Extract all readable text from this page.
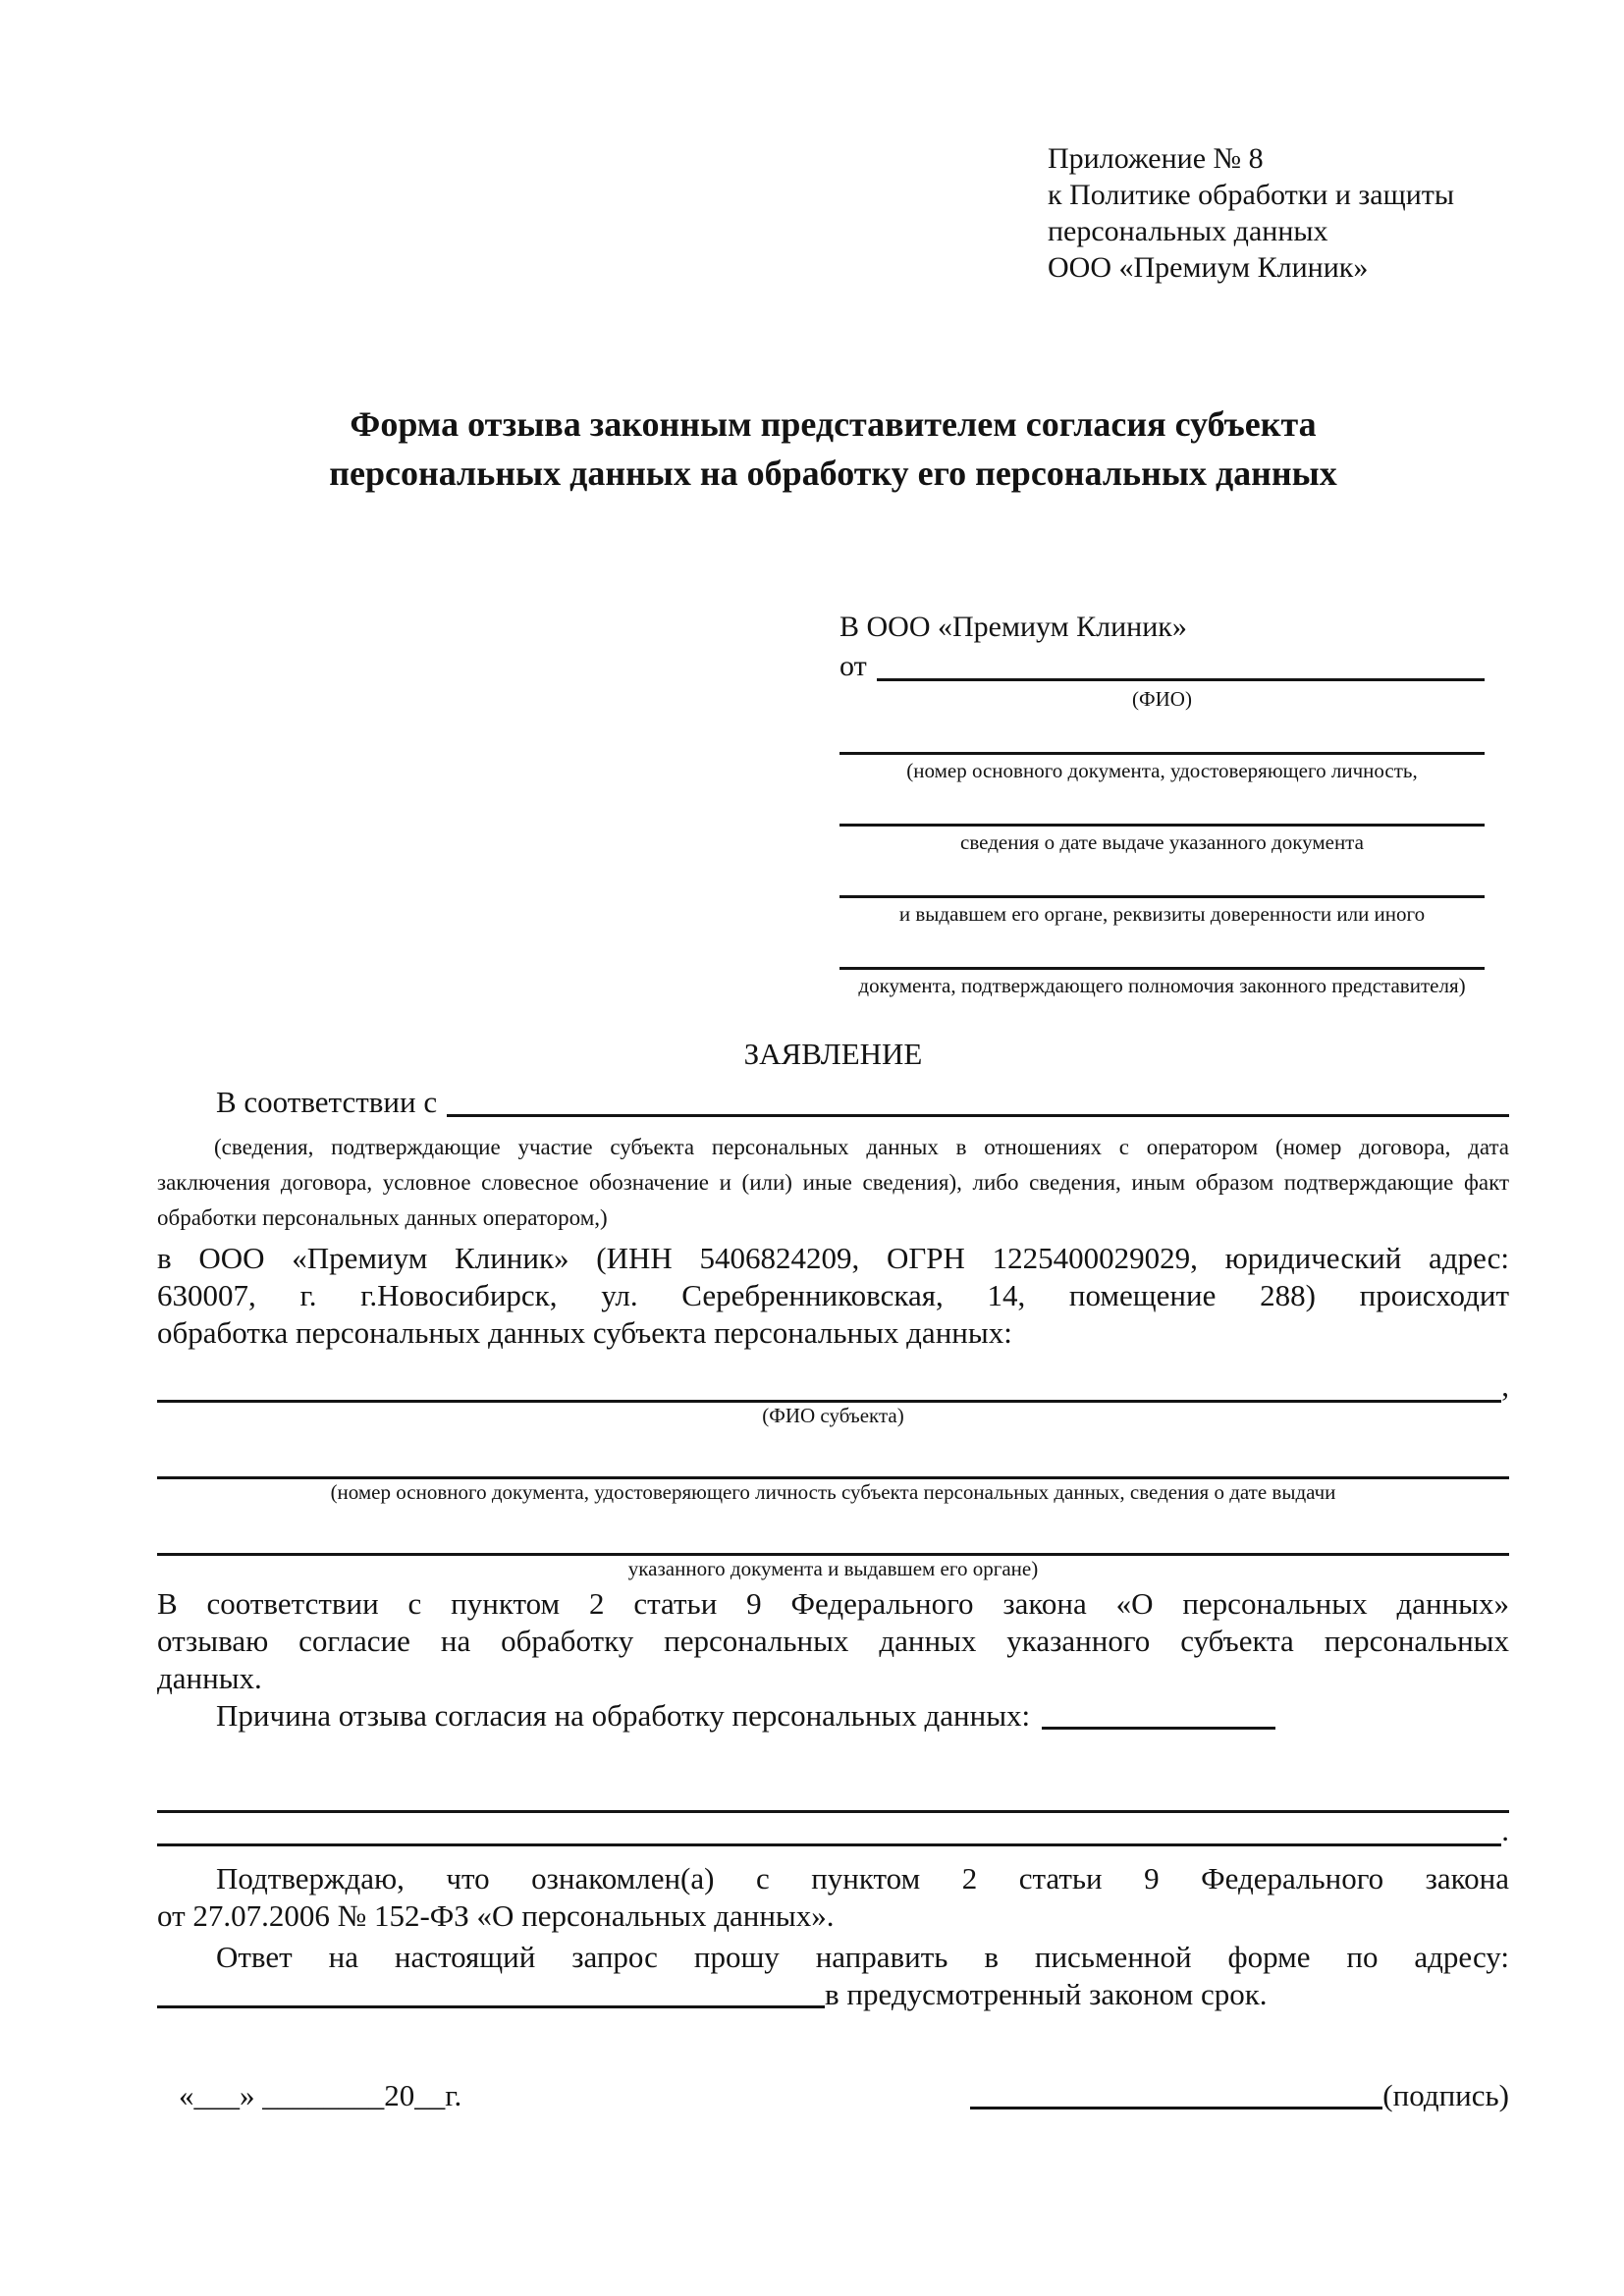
Приложение № 8
к Политике обработки и защиты
персональных данных
ООО «Премиум Клиник»
Форма отзыва законным представителем согласия субъекта персональных данных на обработку его персональных данных
В ООО «Премиум Клиник»
от
(ФИО)
(номер основного документа, удостоверяющего личность,
сведения о дате выдаче указанного документа
и выдавшем его органе, реквизиты доверенности или иного
документа, подтверждающего полномочия законного представителя)
ЗАЯВЛЕНИЕ
В соответствии с
(сведения, подтверждающие участие субъекта персональных данных в отношениях с оператором (номер договора, дата
заключения договора, условное словесное обозначение и (или) иные сведения), либо сведения, иным образом подтверждающие факт
обработки персональных данных оператором,)
в ООО «Премиум Клиник» (ИНН 5406824209, ОГРН 1225400029029, юридический адрес:
630007, г. г.Новосибирск, ул. Серебренниковская, 14, помещение 288) происходит
обработка персональных данных субъекта персональных данных:
,
(ФИО субъекта)
(номер основного документа, удостоверяющего личность субъекта персональных данных, сведения о дате выдачи
указанного документа и выдавшем его органе)
В соответствии с пунктом 2 статьи 9 Федерального закона «О персональных данных»
отзываю согласие на обработку персональных данных указанного субъекта персональных
данных.
Причина отзыва согласия на обработку персональных данных:
.
Подтверждаю, что ознакомлен(а) с пунктом 2 статьи 9 Федерального закона
от 27.07.2006 № 152-ФЗ «О персональных данных».
Ответ на настоящий запрос прошу направить в письменной форме по адресу:
в предусмотренный законом срок.
«___» ________20__г.	(подпись)
